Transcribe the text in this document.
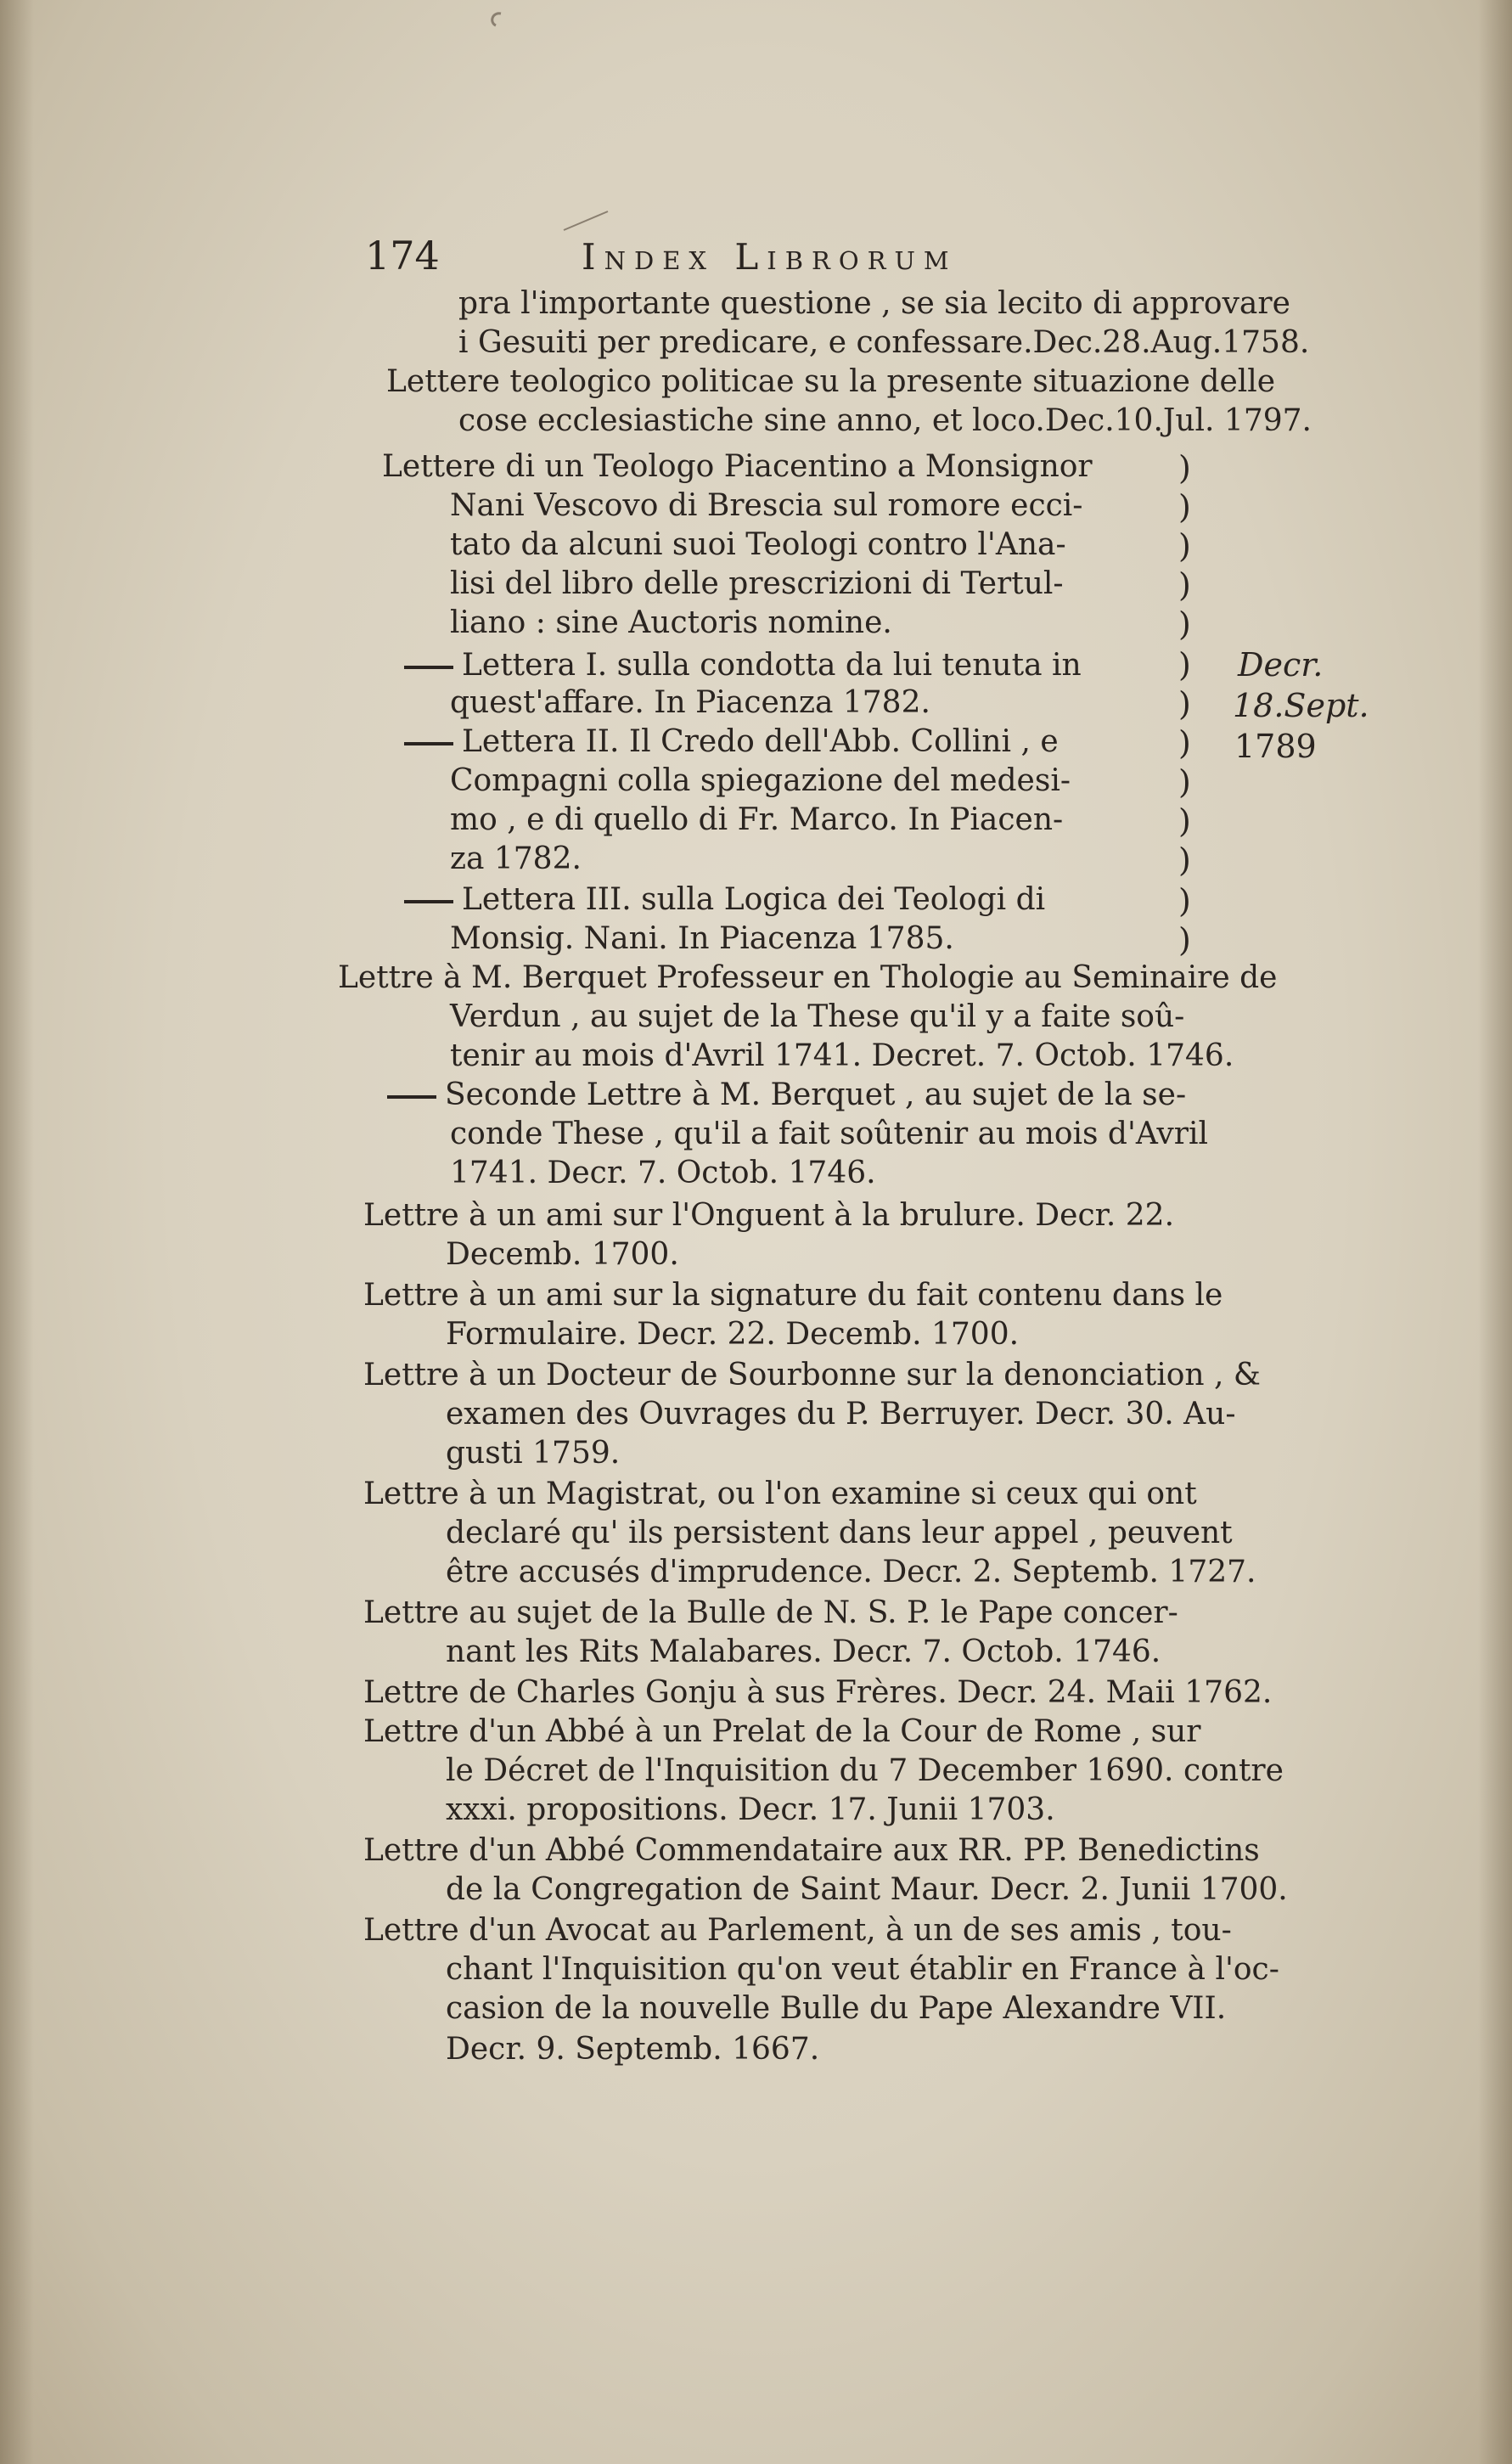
174	Index Librorum
pra l'importante questione , se sia lecito di approvare
i Gesuiti per predicare, e confessare.Dec.28.Aug.1758.
Lettere teologico politicae su la presente situazione delle
cose ecclesiastiche sine anno, et loco.Dec.10.Jul. 1797.
Lettere di un Teologo Piacentino a Monsignor
Nani Vescovo di Brescia sul romore ecci-
tato da alcuni suoi Teologi contro l'Ana-
lisi del libro delle prescrizioni di Tertul-
liano : sine Auctoris nomine.
Lettera I. sulla condotta da lui tenuta in
quest'affare. In Piacenza 1782.
Lettera II. Il Credo dell'Abb. Collini , e
Compagni colla spiegazione del medesi-
mo , e di quello di Fr. Marco. In Piacen-
za 1782.
Lettera III. sulla Logica dei Teologi di
Monsig. Nani. In Piacenza 1785.
)
)
)
)
)
)
)
)
)
)
)
)
)
Decr.
18.Sept.
1789
Lettre à M. Berquet Professeur en Thologie au Seminaire de
Verdun , au sujet de la These qu'il y a faite soû-
tenir au mois d'Avril 1741. Decret. 7. Octob. 1746.
Seconde Lettre à M. Berquet , au sujet de la se-
conde These , qu'il a fait soûtenir au mois d'Avril
1741. Decr. 7. Octob. 1746.
Lettre à un ami sur l'Onguent à la brulure. Decr. 22.
Decemb. 1700.
Lettre à un ami sur la signature du fait contenu dans le
Formulaire. Decr. 22. Decemb. 1700.
Lettre à un Docteur de Sourbonne sur la denonciation , &
examen des Ouvrages du P. Berruyer. Decr. 30. Au-
gusti 1759.
Lettre à un Magistrat, ou l'on examine si ceux qui ont
declaré qu' ils persistent dans leur appel , peuvent
être accusés d'imprudence. Decr. 2. Septemb. 1727.
Lettre au sujet de la Bulle de N. S. P. le Pape concer-
nant les Rits Malabares. Decr. 7. Octob. 1746.
Lettre de Charles Gonju à sus Frères. Decr. 24. Maii 1762.
Lettre d'un Abbé à un Prelat de la Cour de Rome , sur
le Décret de l'Inquisition du 7 December 1690. contre
xxxi. propositions. Decr. 17. Junii 1703.
Lettre d'un Abbé Commendataire aux RR. PP. Benedictins
de la Congregation de Saint Maur. Decr. 2. Junii 1700.
Lettre d'un Avocat au Parlement, à un de ses amis , tou-
chant l'Inquisition qu'on veut établir en France à l'oc-
casion de la nouvelle Bulle du Pape Alexandre VII.
Decr. 9. Septemb. 1667.
